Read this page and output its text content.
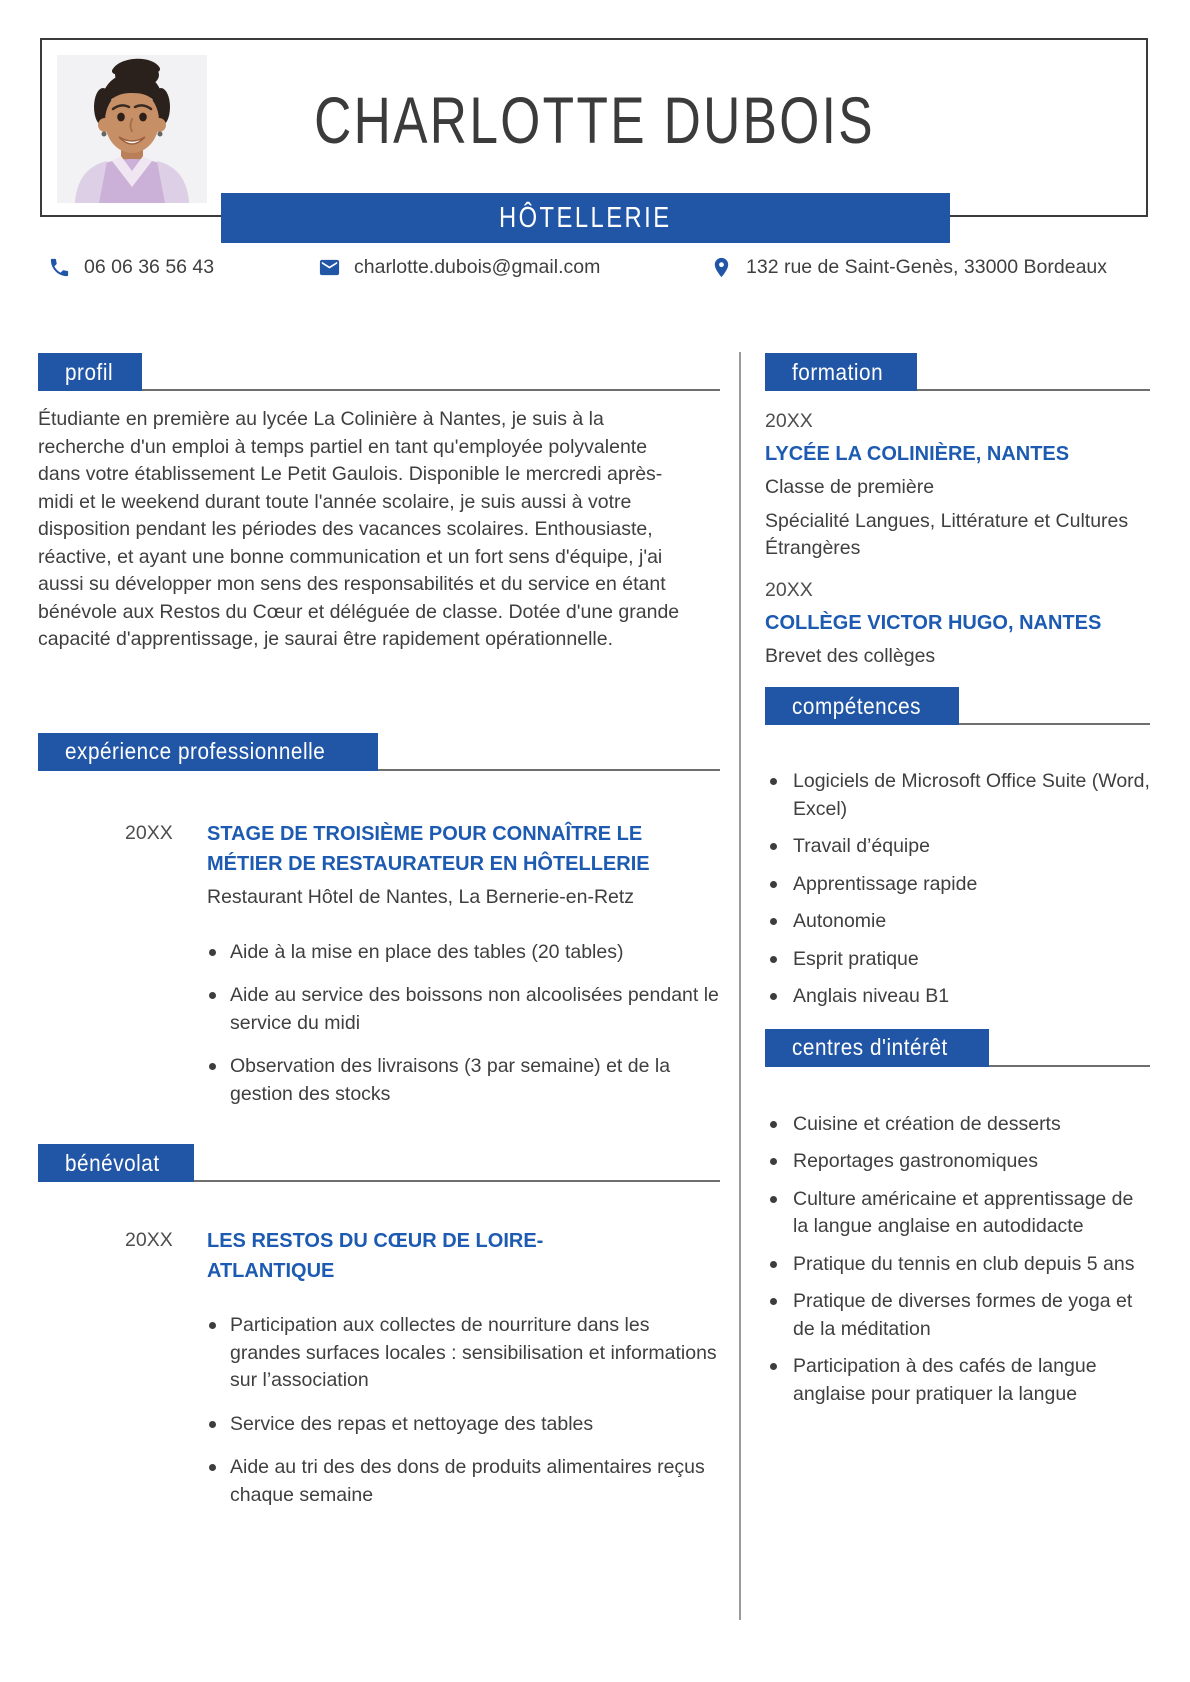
CHARLOTTE DUBOIS
HÔTELLERIE
06 06 36 56 43	charlotte.dubois@gmail.com	132 rue de Saint-Genès, 33000 Bordeaux
profil

Étudiante en première au lycée La Colinière à Nantes, je suis à la recherche d'un emploi à temps partiel en tant qu'employée polyvalente dans votre établissement Le Petit Gaulois. Disponible le mercredi après-midi et le weekend durant toute l'année scolaire, je suis aussi à votre disposition pendant les périodes des vacances scolaires. Enthousiaste, réactive, et ayant une bonne communication et un fort sens d'équipe, j'ai aussi su développer mon sens des responsabilités et du service en étant bénévole aux Restos du Cœur et déléguée de classe. Dotée d'une grande capacité d'apprentissage, je saurai être rapidement opérationnelle.

expérience professionnelle
20XX	STAGE DE TROISIÈME POUR CONNAÎTRE LE MÉTIER DE RESTAURATEUR EN HÔTELLERIE
Restaurant Hôtel de Nantes, La Bernerie-en-Retz
Aide à la mise en place des tables (20 tables)
Aide au service des boissons non alcoolisées pendant le service du midi
Observation des livraisons (3 par semaine) et de la gestion des stocks
bénévolat
20XX	LES RESTOS DU CŒUR DE LOIRE-ATLANTIQUE
Participation aux collectes de nourriture dans les grandes surfaces locales : sensibilisation et informations sur l’association
Service des repas et nettoyage des tables
Aide au tri des des dons de produits alimentaires reçus chaque semaine
formation
20XX
LYCÉE LA COLINIÈRE, NANTES
Classe de première
Spécialité Langues, Littérature et Cultures Étrangères
20XX
COLLÈGE VICTOR HUGO, NANTES
Brevet des collèges
compétences
Logiciels de Microsoft Office Suite (Word, Excel)
Travail d’équipe
Apprentissage rapide
Autonomie
Esprit pratique
Anglais niveau B1
centres d'intérêt
Cuisine et création de desserts
Reportages gastronomiques
Culture américaine et apprentissage de la langue anglaise en autodidacte
Pratique du tennis en club depuis 5 ans
Pratique de diverses formes de yoga et de la méditation
Participation à des cafés de langue anglaise pour pratiquer la langue
